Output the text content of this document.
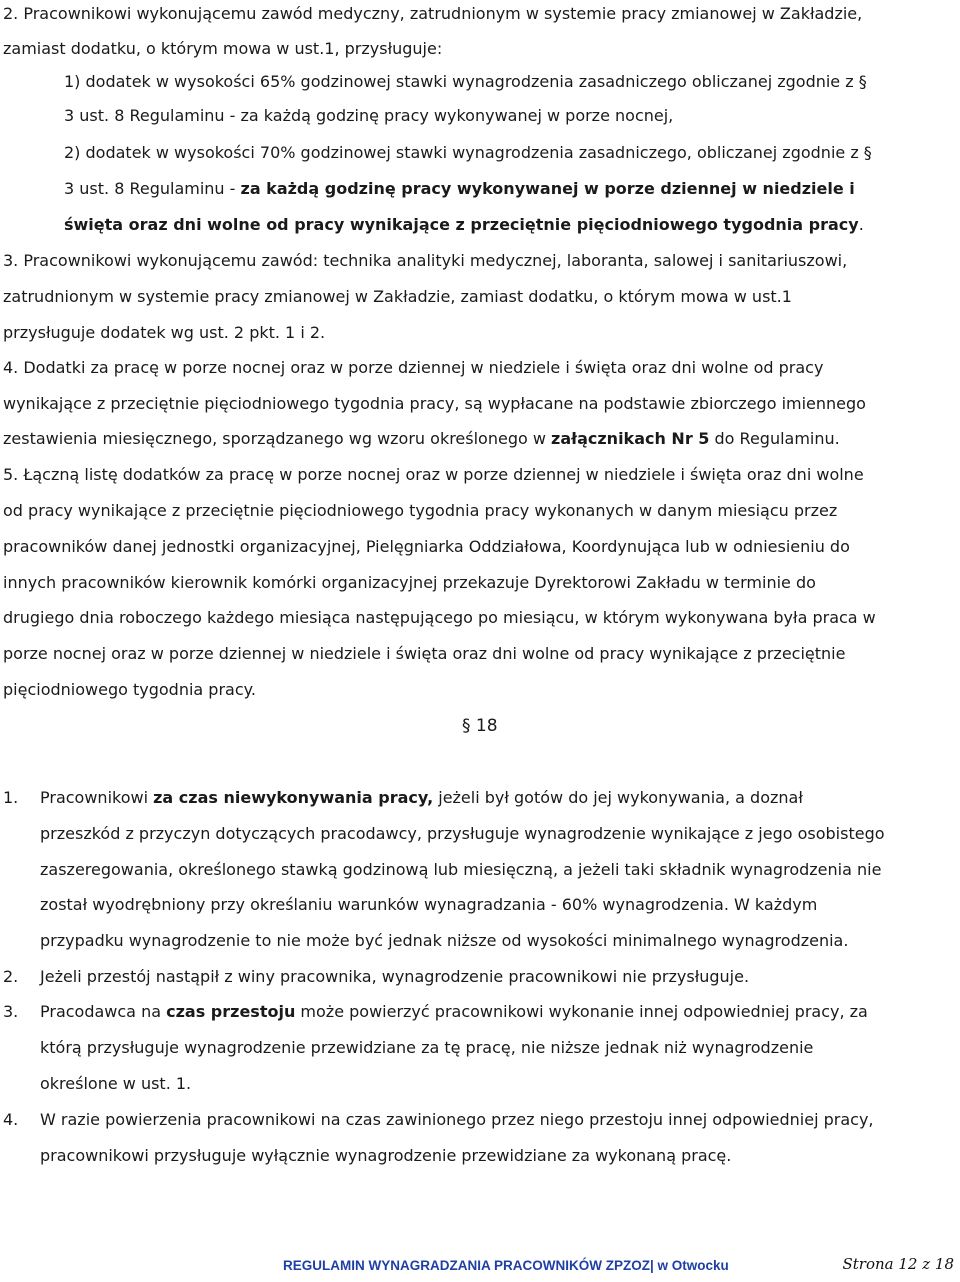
2. Pracownikowi wykonującemu zawód medyczny, zatrudnionym w systemie pracy zmianowej w Zakładzie,
zamiast dodatku, o którym mowa w ust.1, przysługuje:
1) dodatek w wysokości 65% godzinowej stawki wynagrodzenia zasadniczego obliczanej zgodnie z §
3 ust. 8 Regulaminu - za każdą godzinę pracy wykonywanej w porze nocnej,
2) dodatek w wysokości 70% godzinowej stawki wynagrodzenia zasadniczego, obliczanej zgodnie z §
3 ust. 8 Regulaminu - za każdą godzinę pracy wykonywanej w porze dziennej w niedziele i
święta oraz dni wolne od pracy wynikające z przeciętnie pięciodniowego tygodnia pracy.
3. Pracownikowi wykonującemu zawód: technika analityki medycznej, laboranta, salowej i sanitariuszowi,
zatrudnionym w systemie pracy zmianowej w Zakładzie, zamiast dodatku, o którym mowa w ust.1
przysługuje dodatek wg ust. 2 pkt. 1 i 2.
4. Dodatki za pracę w porze nocnej oraz w porze dziennej w niedziele i święta oraz dni wolne od pracy
wynikające z przeciętnie pięciodniowego tygodnia pracy, są wypłacane na podstawie zbiorczego imiennego
zestawienia miesięcznego, sporządzanego wg wzoru określonego w załącznikach Nr 5 do Regulaminu.
5. Łączną listę dodatków za pracę w porze nocnej oraz w porze dziennej w niedziele i święta oraz dni wolne
od pracy wynikające z przeciętnie pięciodniowego tygodnia pracy wykonanych w danym miesiącu przez
pracowników danej jednostki organizacyjnej, Pielęgniarka Oddziałowa, Koordynująca lub w odniesieniu do
innych pracowników kierownik komórki organizacyjnej przekazuje Dyrektorowi Zakładu w terminie do
drugiego dnia roboczego każdego miesiąca następującego po miesiącu, w którym wykonywana była praca w
porze nocnej oraz w porze dziennej w niedziele i święta oraz dni wolne od pracy wynikające z przeciętnie
pięciodniowego tygodnia pracy.
§ 18
1. Pracownikowi za czas niewykonywania pracy, jeżeli był gotów do jej wykonywania, a doznał
przeszkód z przyczyn dotyczących pracodawcy, przysługuje wynagrodzenie wynikające z jego osobistego
zaszeregowania, określonego stawką godzinową lub miesięczną, a jeżeli taki składnik wynagrodzenia nie
został wyodrębniony przy określaniu warunków wynagradzania - 60% wynagrodzenia. W każdym
przypadku wynagrodzenie to nie może być jednak niższe od wysokości minimalnego wynagrodzenia.
2. Jeżeli przestój nastąpił z winy pracownika, wynagrodzenie pracownikowi nie przysługuje.
3. Pracodawca na czas przestoju może powierzyć pracownikowi wykonanie innej odpowiedniej pracy, za
którą przysługuje wynagrodzenie przewidziane za tę pracę, nie niższe jednak niż wynagrodzenie
określone w ust. 1.
4. W razie powierzenia pracownikowi na czas zawinionego przez niego przestoju innej odpowiedniej pracy,
pracownikowi przysługuje wyłącznie wynagrodzenie przewidziane za wykonaną pracę.
REGULAMIN WYNAGRADZANIA PRACOWNIKÓW ZPZOZ| w Otwocku	Strona 12 z 18
